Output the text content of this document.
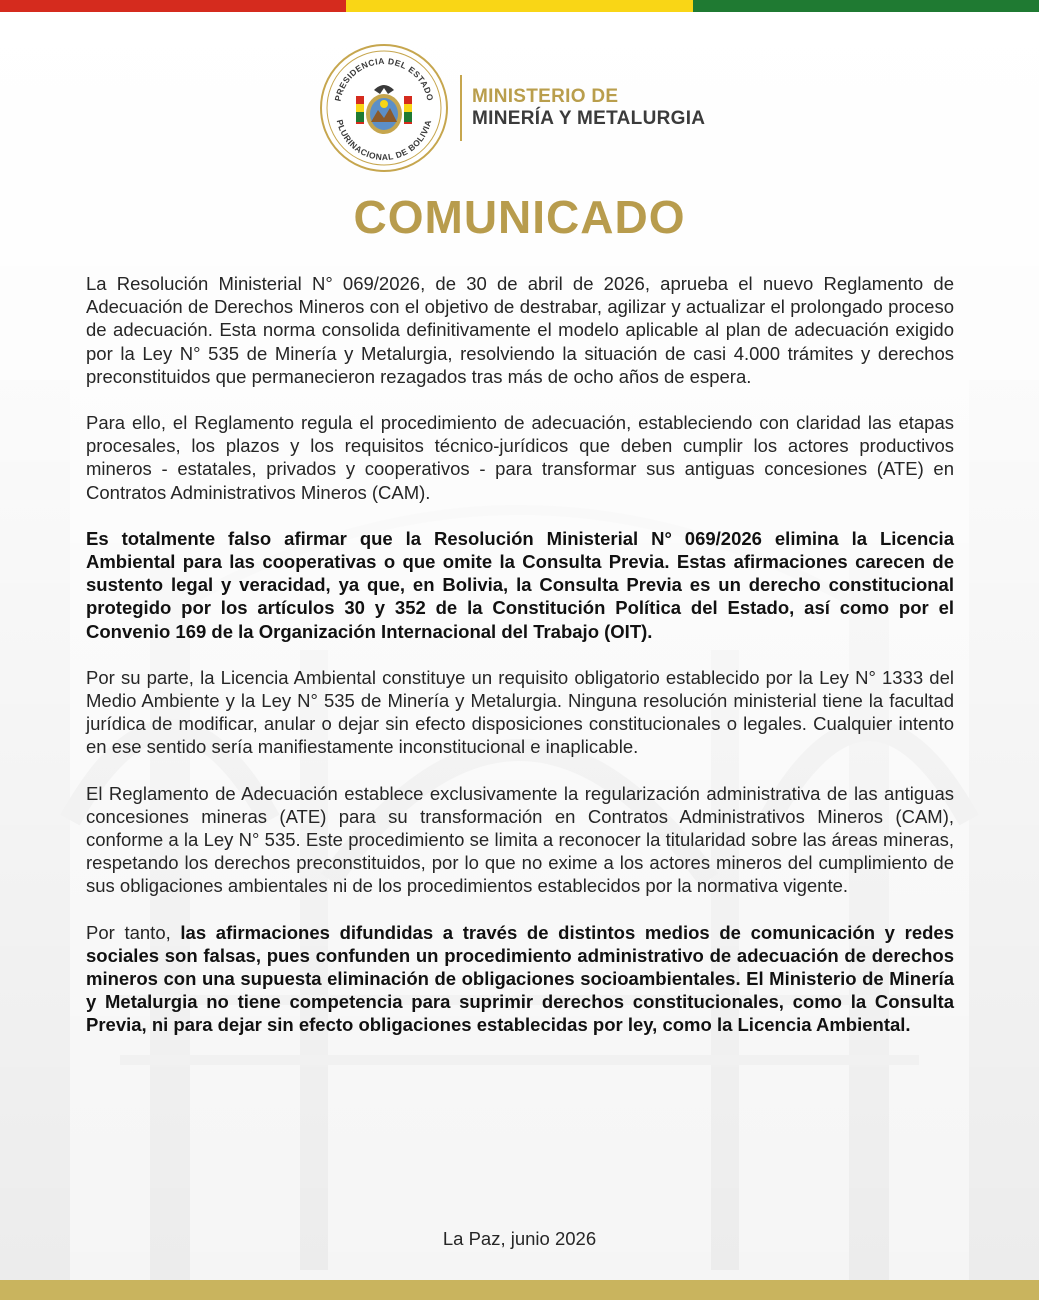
PRESIDENCIA DEL ESTADO
PLURINACIONAL DE BOLIVIA
MINISTERIO DE
MINERÍA Y METALURGIA
COMUNICADO

La Resolución Ministerial N° 069/2026, de 30 de abril de 2026, aprueba el nuevo Reglamento de Adecuación de Derechos Mineros con el objetivo de destrabar, agilizar y actualizar el prolongado proceso de adecuación. Esta norma consolida definitivamente el modelo aplicable al plan de adecuación exigido por la Ley N° 535 de Minería y Metalurgia, resolviendo la situación de casi 4.000 trámites y derechos preconstituidos que permanecieron rezagados tras más de ocho años de espera.

Para ello, el Reglamento regula el procedimiento de adecuación, estableciendo con claridad las etapas procesales, los plazos y los requisitos técnico-jurídicos que deben cumplir los actores productivos mineros - estatales, privados y cooperativos - para transformar sus antiguas concesiones (ATE) en Contratos Administrativos Mineros (CAM).

Es totalmente falso afirmar que la Resolución Ministerial N° 069/2026 elimina la Licencia Ambiental para las cooperativas o que omite la Consulta Previa. Estas afirmaciones carecen de sustento legal y veracidad, ya que, en Bolivia, la Consulta Previa es un derecho constitucional protegido por los artículos 30 y 352 de la Constitución Política del Estado, así como por el Convenio 169 de la Organización Internacional del Trabajo (OIT).

Por su parte, la Licencia Ambiental constituye un requisito obligatorio establecido por la Ley N° 1333 del Medio Ambiente y la Ley N° 535 de Minería y Metalurgia. Ninguna resolución ministerial tiene la facultad jurídica de modificar, anular o dejar sin efecto disposiciones constitucionales o legales. Cualquier intento en ese sentido sería manifiestamente inconstitucional e inaplicable.

El Reglamento de Adecuación establece exclusivamente la regularización administrativa de las antiguas concesiones mineras (ATE) para su transformación en Contratos Administrativos Mineros (CAM), conforme a la Ley N° 535. Este procedimiento se limita a reconocer la titularidad sobre las áreas mineras, respetando los derechos preconstituidos, por lo que no exime a los actores mineros del cumplimiento de sus obligaciones ambientales ni de los procedimientos establecidos por la normativa vigente.

Por tanto, las afirmaciones difundidas a través de distintos medios de comunicación y redes sociales son falsas, pues confunden un procedimiento administrativo de adecuación de derechos mineros con una supuesta eliminación de obligaciones socioambientales. El Ministerio de Minería y Metalurgia no tiene competencia para suprimir derechos constitucionales, como la Consulta Previa, ni para dejar sin efecto obligaciones establecidas por ley, como la Licencia Ambiental.

La Paz, junio 2026
